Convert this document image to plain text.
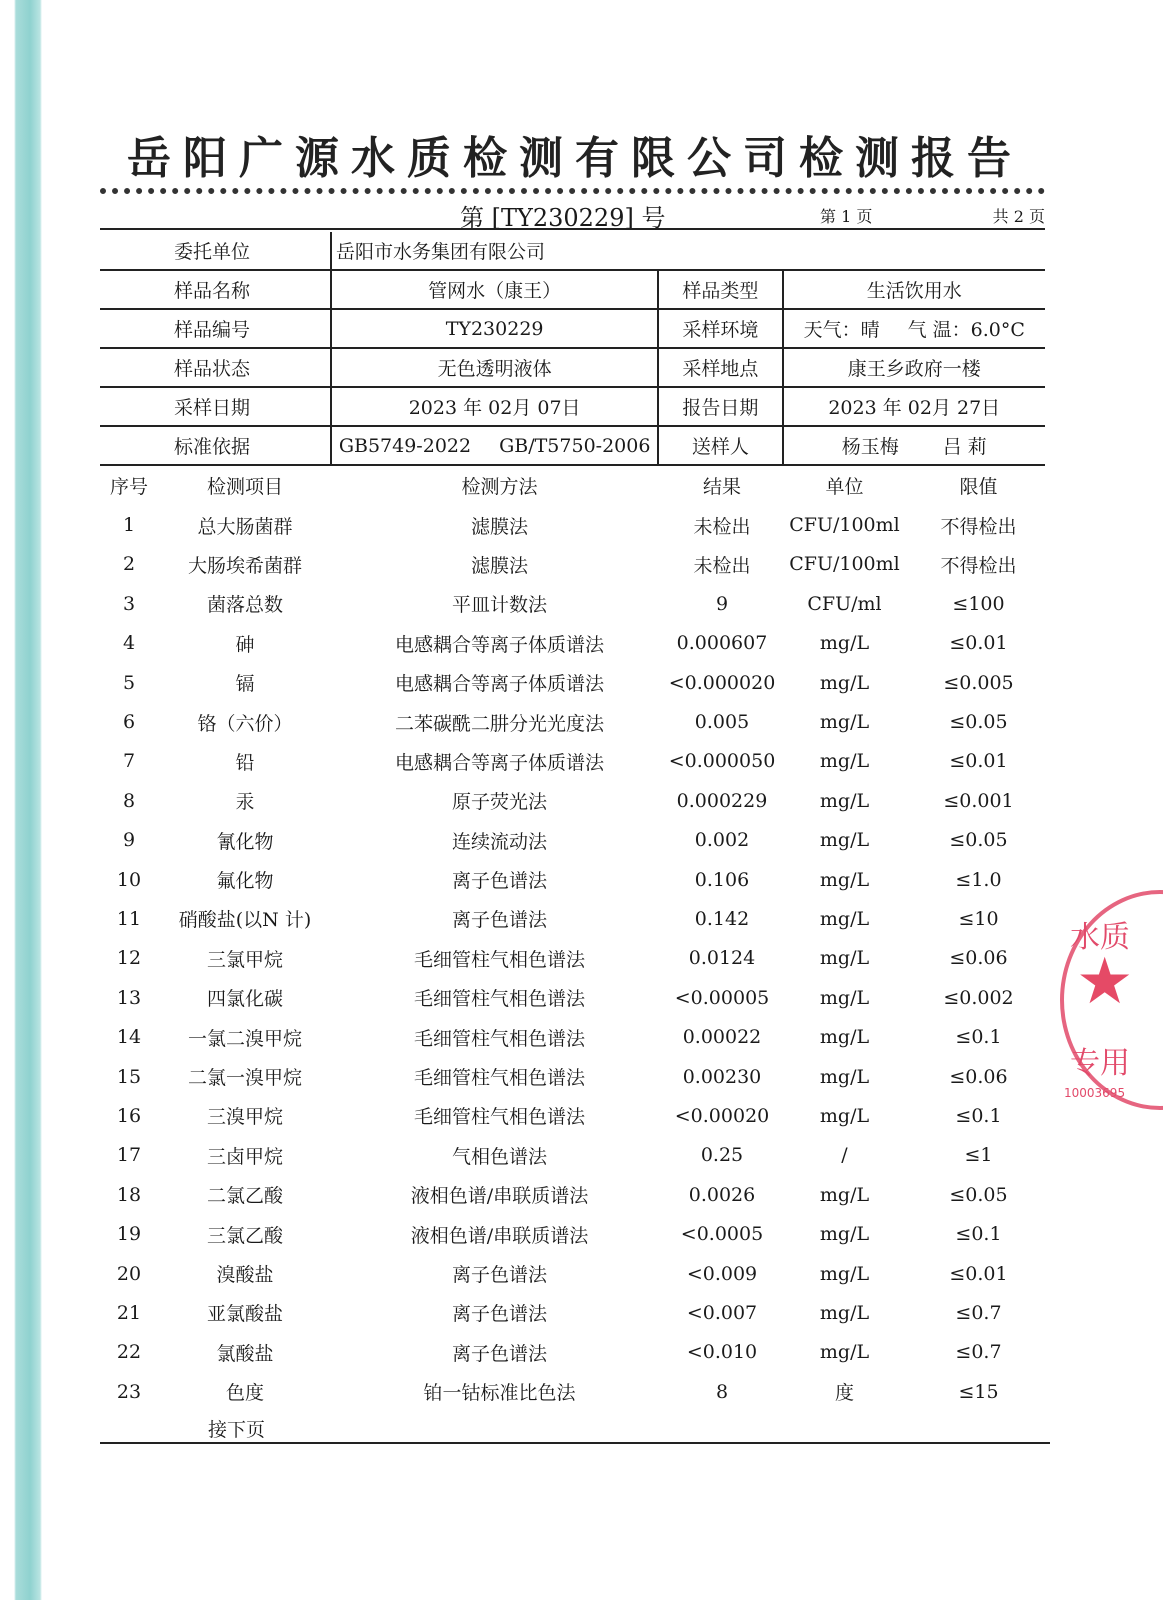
岳阳广源水质检测有限公司检测报告
第 [TY230229] 号	第 1 页	共 2 页
委托单位	岳阳市水务集团有限公司		
样品名称	管网水（康王）	样品类型	生活饮用水
样品编号	TY230229	采样环境	天气：晴 气 温：6.0°C
样品状态	无色透明液体	采样地点	康王乡政府一楼
采样日期	2023 年 02月 07日	报告日期	2023 年 02月 27日
标准依据	GB5749-2022 GB/T5750-2006	送样人	杨玉梅 吕 莉
序号	检测项目	检测方法	结果	单位	限值
1	总大肠菌群	滤膜法	未检出	CFU/100ml	不得检出
2	大肠埃希菌群	滤膜法	未检出	CFU/100ml	不得检出
3	菌落总数	平皿计数法	9	CFU/ml	≤100
4	砷	电感耦合等离子体质谱法	0.000607	mg/L	≤0.01
5	镉	电感耦合等离子体质谱法	<0.000020	mg/L	≤0.005
6	铬（六价）	二苯碳酰二肼分光光度法	0.005	mg/L	≤0.05
7	铅	电感耦合等离子体质谱法	<0.000050	mg/L	≤0.01
8	汞	原子荧光法	0.000229	mg/L	≤0.001
9	氰化物	连续流动法	0.002	mg/L	≤0.05
10	氟化物	离子色谱法	0.106	mg/L	≤1.0
11	硝酸盐(以N 计)	离子色谱法	0.142	mg/L	≤10
12	三氯甲烷	毛细管柱气相色谱法	0.0124	mg/L	≤0.06
13	四氯化碳	毛细管柱气相色谱法	<0.00005	mg/L	≤0.002
14	一氯二溴甲烷	毛细管柱气相色谱法	0.00022	mg/L	≤0.1
15	二氯一溴甲烷	毛细管柱气相色谱法	0.00230	mg/L	≤0.06
16	三溴甲烷	毛细管柱气相色谱法	<0.00020	mg/L	≤0.1
17	三卤甲烷	气相色谱法	0.25	/	≤1
18	二氯乙酸	液相色谱/串联质谱法	0.0026	mg/L	≤0.05
19	三氯乙酸	液相色谱/串联质谱法	<0.0005	mg/L	≤0.1
20	溴酸盐	离子色谱法	<0.009	mg/L	≤0.01
21	亚氯酸盐	离子色谱法	<0.007	mg/L	≤0.7
22	氯酸盐	离子色谱法	<0.010	mg/L	≤0.7
23	色度	铂一钴标准比色法	8	度	≤15
接下页
水质
★
专用
10003695
